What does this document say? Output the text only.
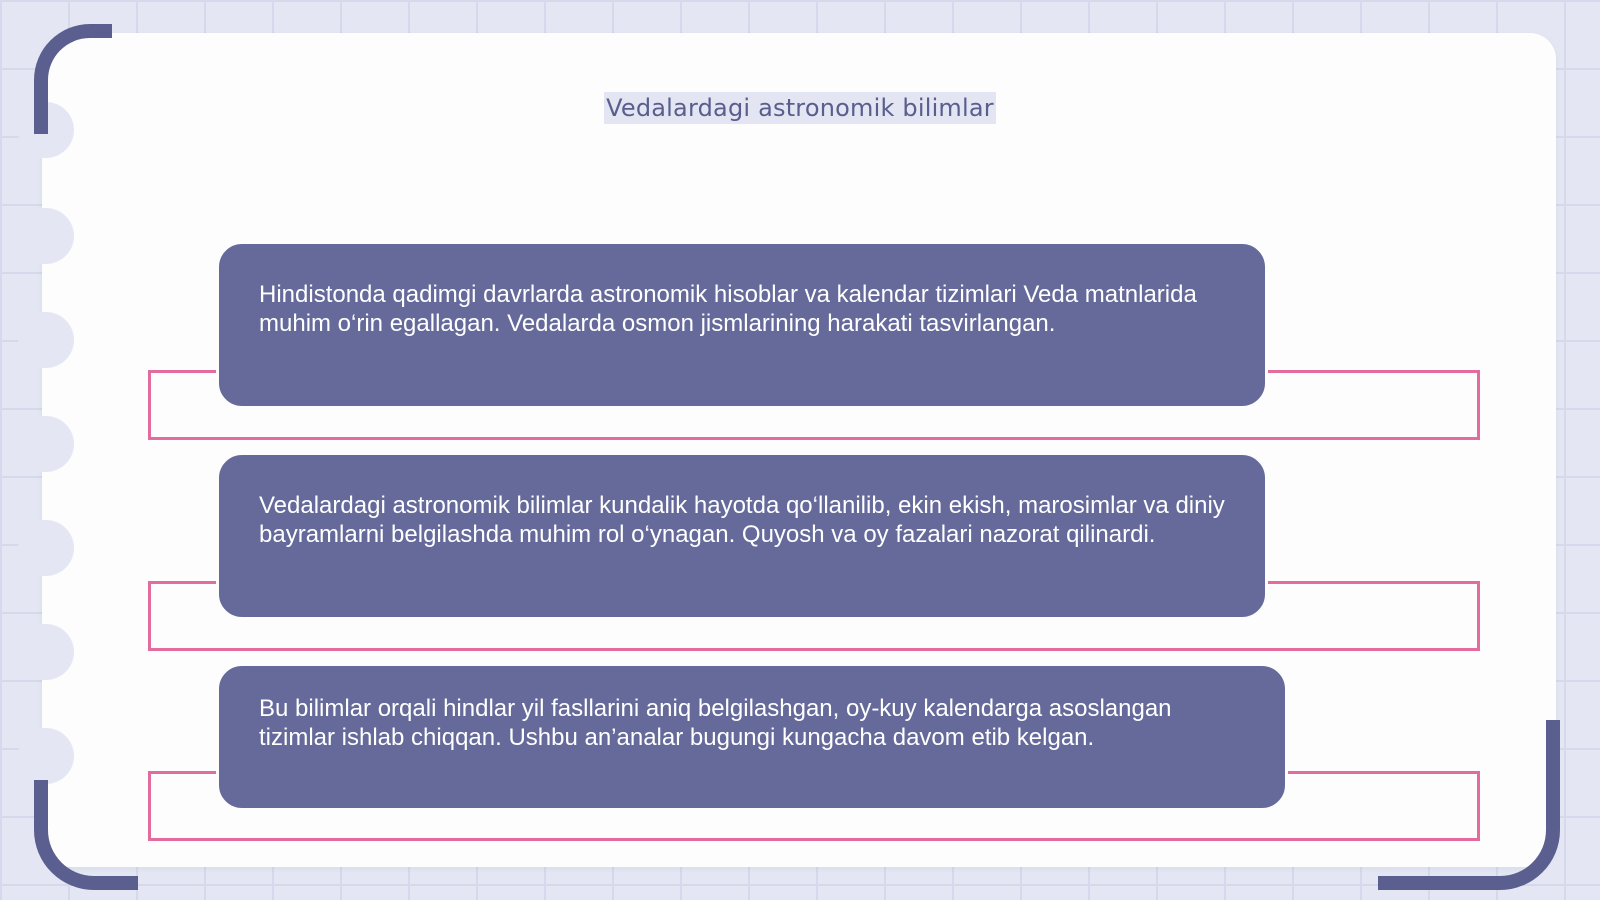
Vedalardagi astronomik bilimlar
Hindistonda qadimgi davrlarda astronomik hisoblar va kalendar tizimlari Veda matnlarida muhim o‘rin egallagan. Vedalarda osmon jismlarining harakati tasvirlangan.
Vedalardagi astronomik bilimlar kundalik hayotda qo‘llanilib, ekin ekish, marosimlar va diniy bayramlarni belgilashda muhim rol o‘ynagan. Quyosh va oy fazalari nazorat qilinardi.
Bu bilimlar orqali hindlar yil fasllarini aniq belgilashgan, oy-kuy kalendarga asoslangan tizimlar ishlab chiqqan. Ushbu an’analar bugungi kungacha davom etib kelgan.
